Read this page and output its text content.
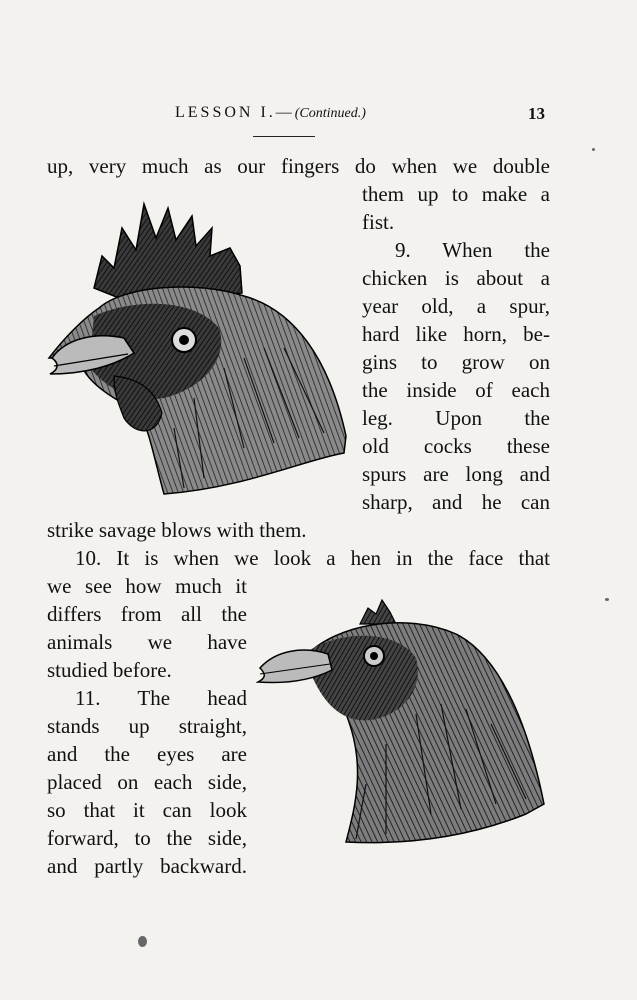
LESSON I.—(Continued.)	13
up, very much as our fingers do when we double
them up to make a
fist.
9. When the
chicken is about a
year old, a spur,
hard like horn, be-
gins to grow on
the inside of each
leg. Upon the
old cocks these
spurs are long and
sharp, and he can
strike savage blows with them.
10. It is when we look a hen in the face that
we see how much it
differs from all the
animals we have
studied before.
11. The head
stands up straight,
and the eyes are
placed on each side,
so that it can look
forward, to the side,
and partly backward.
